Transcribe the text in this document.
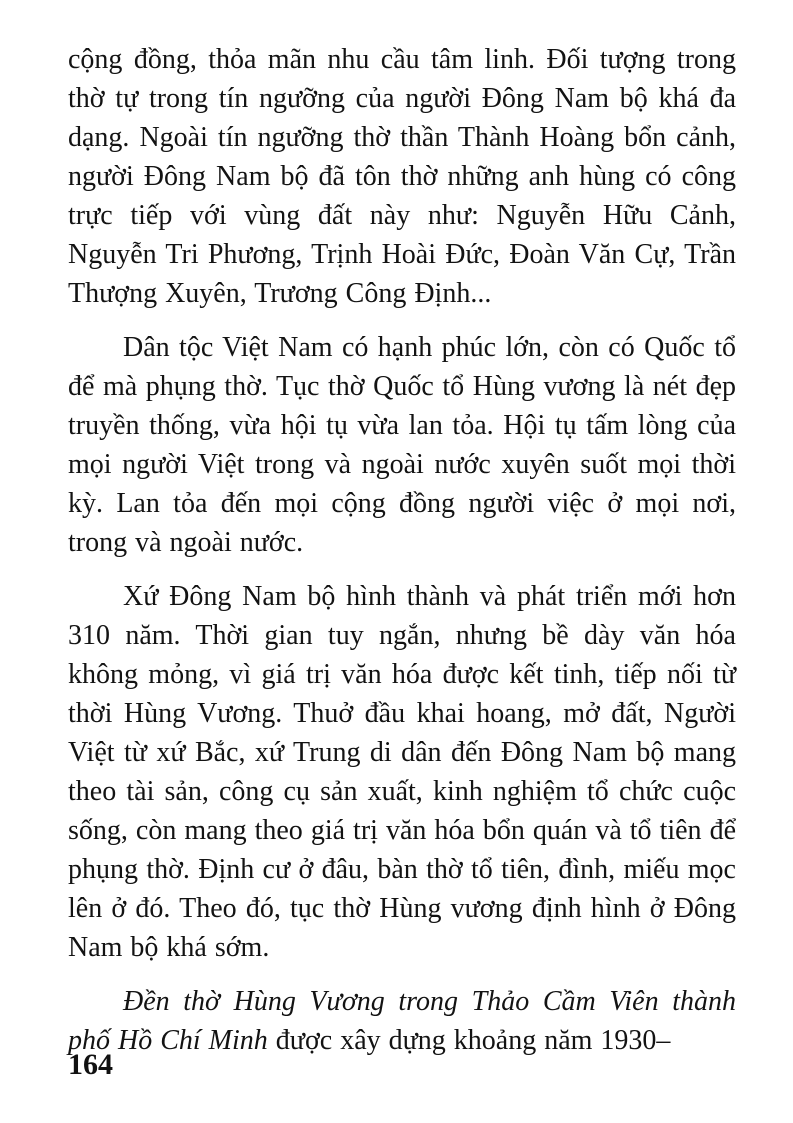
cộng đồng, thỏa mãn nhu cầu tâm linh. Đối tượng trong thờ tự trong tín ngưỡng của người Đông Nam bộ khá đa dạng. Ngoài tín ngưỡng thờ thần Thành Hoàng bổn cảnh, người Đông Nam bộ đã tôn thờ những anh hùng có công trực tiếp với vùng đất này như: Nguyễn Hữu Cảnh, Nguyễn Tri Phương, Trịnh Hoài Đức, Đoàn Văn Cự, Trần Thượng Xuyên, Trương Công Định...

Dân tộc Việt Nam có hạnh phúc lớn, còn có Quốc tổ để mà phụng thờ. Tục thờ Quốc tổ Hùng vương là nét đẹp truyền thống, vừa hội tụ vừa lan tỏa. Hội tụ tấm lòng của mọi người Việt trong và ngoài nước xuyên suốt mọi thời kỳ. Lan tỏa đến mọi cộng đồng người việc ở mọi nơi, trong và ngoài nước.

Xứ Đông Nam bộ hình thành và phát triển mới hơn 310 năm. Thời gian tuy ngắn, nhưng bề dày văn hóa không mỏng, vì giá trị văn hóa được kết tinh, tiếp nối từ thời Hùng Vương. Thuở đầu khai hoang, mở đất, Người Việt từ xứ Bắc, xứ Trung di dân đến Đông Nam bộ mang theo tài sản, công cụ sản xuất, kinh nghiệm tổ chức cuộc sống, còn mang theo giá trị văn hóa bổn quán và tổ tiên để phụng thờ. Định cư ở đâu, bàn thờ tổ tiên, đình, miếu mọc lên ở đó. Theo đó, tục thờ Hùng vương định hình ở Đông Nam bộ khá sớm.

Đền thờ Hùng Vương trong Thảo Cầm Viên thành phố Hồ Chí Minh được xây dựng khoảng năm 1930–

164
